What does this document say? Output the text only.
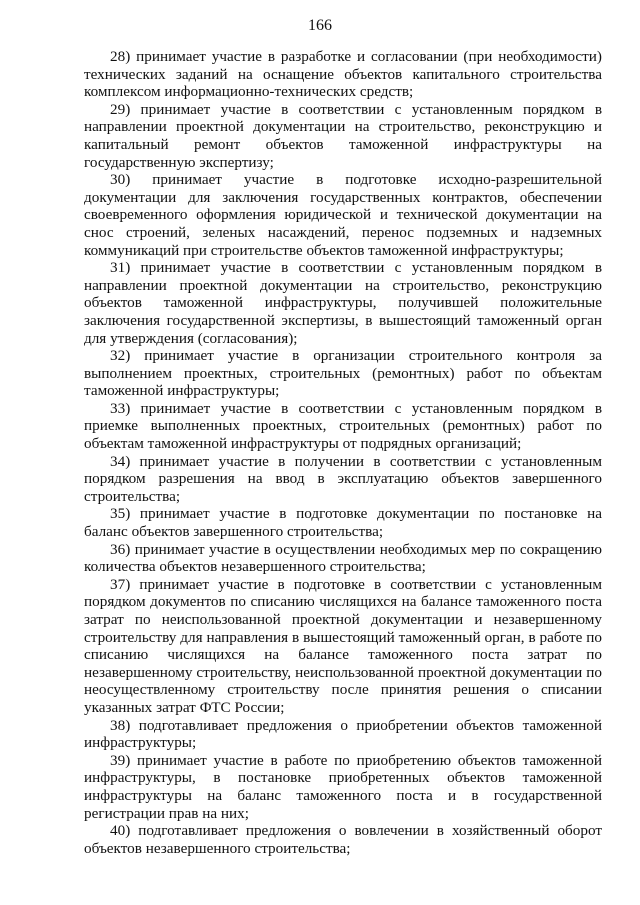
166

28) принимает участие в разработке и согласовании (при необходимости) технических заданий на оснащение объектов капитального строительства комплексом информационно-технических средств;

29) принимает участие в соответствии с установленным порядком в направлении проектной документации на строительство, реконструкцию и капитальный ремонт объектов таможенной инфраструктуры на государственную экспертизу;

30) принимает участие в подготовке исходно-разрешительной документации для заключения государственных контрактов, обеспечении своевременного оформления юридической и технической документации на снос строений, зеленых насаждений, перенос подземных и надземных коммуникаций при строительстве объектов таможенной инфраструктуры;

31) принимает участие в соответствии с установленным порядком в направлении проектной документации на строительство, реконструкцию объектов таможенной инфраструктуры, получившей положительные заключения государственной экспертизы, в вышестоящий таможенный орган для утверждения (согласования);

32) принимает участие в организации строительного контроля за выполнением проектных, строительных (ремонтных) работ по объектам таможенной инфраструктуры;

33) принимает участие в соответствии с установленным порядком в приемке выполненных проектных, строительных (ремонтных) работ по объектам таможенной инфраструктуры от подрядных организаций;

34) принимает участие в получении в соответствии с установленным порядком разрешения на ввод в эксплуатацию объектов завершенного строительства;

35) принимает участие в подготовке документации по постановке на баланс объектов завершенного строительства;

36) принимает участие в осуществлении необходимых мер по сокращению количества объектов незавершенного строительства;

37) принимает участие в подготовке в соответствии с установленным порядком документов по списанию числящихся на балансе таможенного поста затрат по неиспользованной проектной документации и незавершенному строительству для направления в вышестоящий таможенный орган, в работе по списанию числящихся на балансе таможенного поста затрат по незавершенному строительству, неиспользованной проектной документации по неосуществленному строительству после принятия решения о списании указанных затрат ФТС России;

38) подготавливает предложения о приобретении объектов таможенной инфраструктуры;

39) принимает участие в работе по приобретению объектов таможенной инфраструктуры, в постановке приобретенных объектов таможенной инфраструктуры на баланс таможенного поста и в государственной регистрации прав на них;

40) подготавливает предложения о вовлечении в хозяйственный оборот объектов незавершенного строительства;
